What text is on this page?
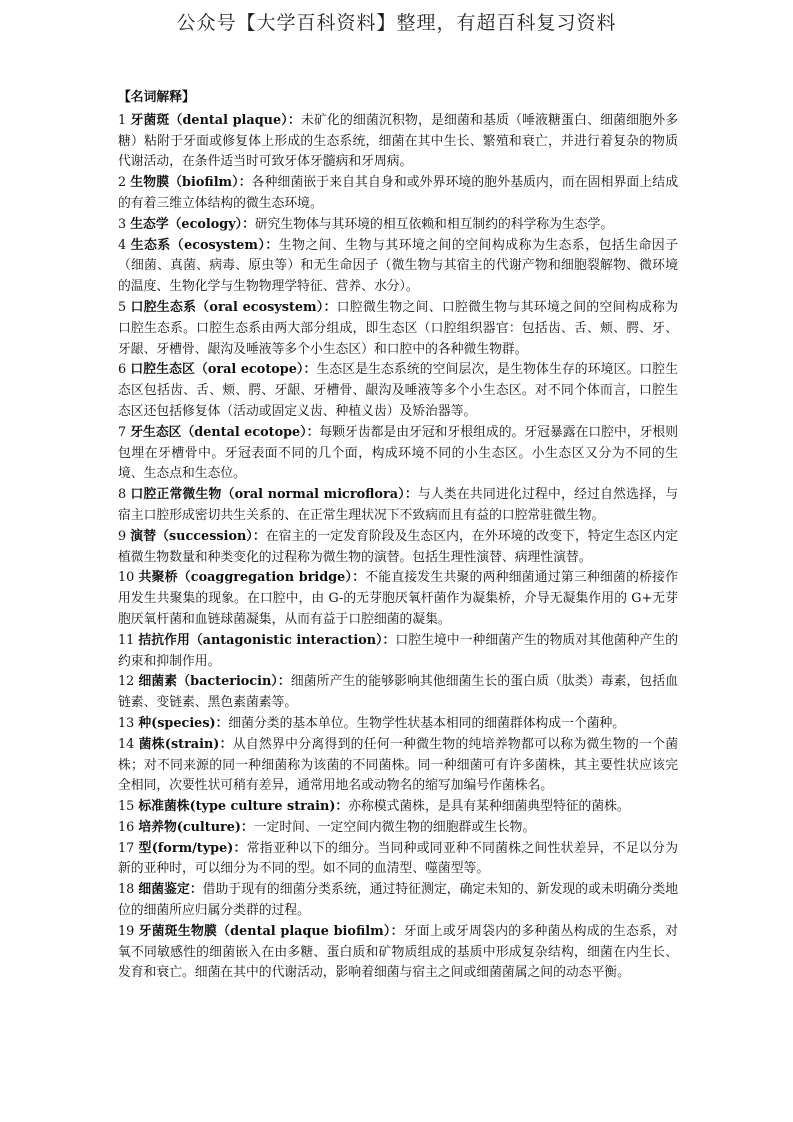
公众号【大学百科资料】整理，有超百科复习资料
【名词解释】

1 牙菌斑（dental plaque）：未矿化的细菌沉积物，是细菌和基质（唾液糖蛋白、细菌细胞外多糖）粘附于牙面或修复体上形成的生态系统，细菌在其中生长、繁殖和衰亡，并进行着复杂的物质代谢活动，在条件适当时可致牙体牙髓病和牙周病。

2 生物膜（biofilm）：各种细菌嵌于来自其自身和或外界环境的胞外基质内，而在固相界面上结成的有着三维立体结构的微生态环境。

3 生态学（ecology）：研究生物体与其环境的相互依赖和相互制约的科学称为生态学。

4 生态系（ecosystem）：生物之间、生物与其环境之间的空间构成称为生态系，包括生命因子（细菌、真菌、病毒、原虫等）和无生命因子（微生物与其宿主的代谢产物和细胞裂解物、微环境的温度、生物化学与生物物理学特征、营养、水分）。

5 口腔生态系（oral ecosystem）：口腔微生物之间、口腔微生物与其环境之间的空间构成称为口腔生态系。口腔生态系由两大部分组成，即生态区（口腔组织器官：包括齿、舌、颊、腭、牙、牙龈、牙槽骨、龈沟及唾液等多个小生态区）和口腔中的各种微生物群。

6 口腔生态区（oral ecotope）：生态区是生态系统的空间层次，是生物体生存的环境区。口腔生态区包括齿、舌、颊、腭、牙龈、牙槽骨、龈沟及唾液等多个小生态区。对不同个体而言，口腔生态区还包括修复体（活动或固定义齿、种植义齿）及矫治器等。

7 牙生态区（dental ecotope）：每颗牙齿都是由牙冠和牙根组成的。牙冠暴露在口腔中，牙根则包埋在牙槽骨中。牙冠表面不同的几个面，构成环境不同的小生态区。小生态区又分为不同的生境、生态点和生态位。

8 口腔正常微生物（oral normal microflora）：与人类在共同进化过程中，经过自然选择，与宿主口腔形成密切共生关系的、在正常生理状况下不致病而且有益的口腔常驻微生物。

9 演替（succession）：在宿主的一定发育阶段及生态区内，在外环境的改变下，特定生态区内定植微生物数量和种类变化的过程称为微生物的演替。包括生理性演替、病理性演替。

10 共聚桥（coaggregation bridge）：不能直接发生共聚的两种细菌通过第三种细菌的桥接作用发生共聚集的现象。在口腔中，由 G-的无芽胞厌氧杆菌作为凝集桥，介导无凝集作用的 G+无芽胞厌氧杆菌和血链球菌凝集，从而有益于口腔细菌的凝集。

11 拮抗作用（antagonistic interaction）：口腔生境中一种细菌产生的物质对其他菌种产生的约束和抑制作用。

12 细菌素（bacteriocin）：细菌所产生的能够影响其他细菌生长的蛋白质（肽类）毒素，包括血链素、变链素、黑色素菌素等。

13 种(species)：细菌分类的基本单位。生物学性状基本相同的细菌群体构成一个菌种。

14 菌株(strain)：从自然界中分离得到的任何一种微生物的纯培养物都可以称为微生物的一个菌株；对不同来源的同一种细菌称为该菌的不同菌株。同一种细菌可有许多菌株，其主要性状应该完全相同，次要性状可稍有差异，通常用地名或动物名的缩写加编号作菌株名。

15 标准菌株(type culture strain)：亦称模式菌株，是具有某种细菌典型特征的菌株。

16 培养物(culture)：一定时间、一定空间内微生物的细胞群或生长物。

17 型(form/type)：常指亚种以下的细分。当同种或同亚种不同菌株之间性状差异，不足以分为新的亚种时，可以细分为不同的型。如不同的血清型、噬菌型等。

18 细菌鉴定：借助于现有的细菌分类系统，通过特征测定，确定未知的、新发现的或未明确分类地位的细菌所应归属分类群的过程。

19 牙菌斑生物膜（dental plaque biofilm）：牙面上或牙周袋内的多种菌丛构成的生态系，对氧不同敏感性的细菌嵌入在由多糖、蛋白质和矿物质组成的基质中形成复杂结构，细菌在内生长、发育和衰亡。细菌在其中的代谢活动，影响着细菌与宿主之间或细菌菌属之间的动态平衡。
